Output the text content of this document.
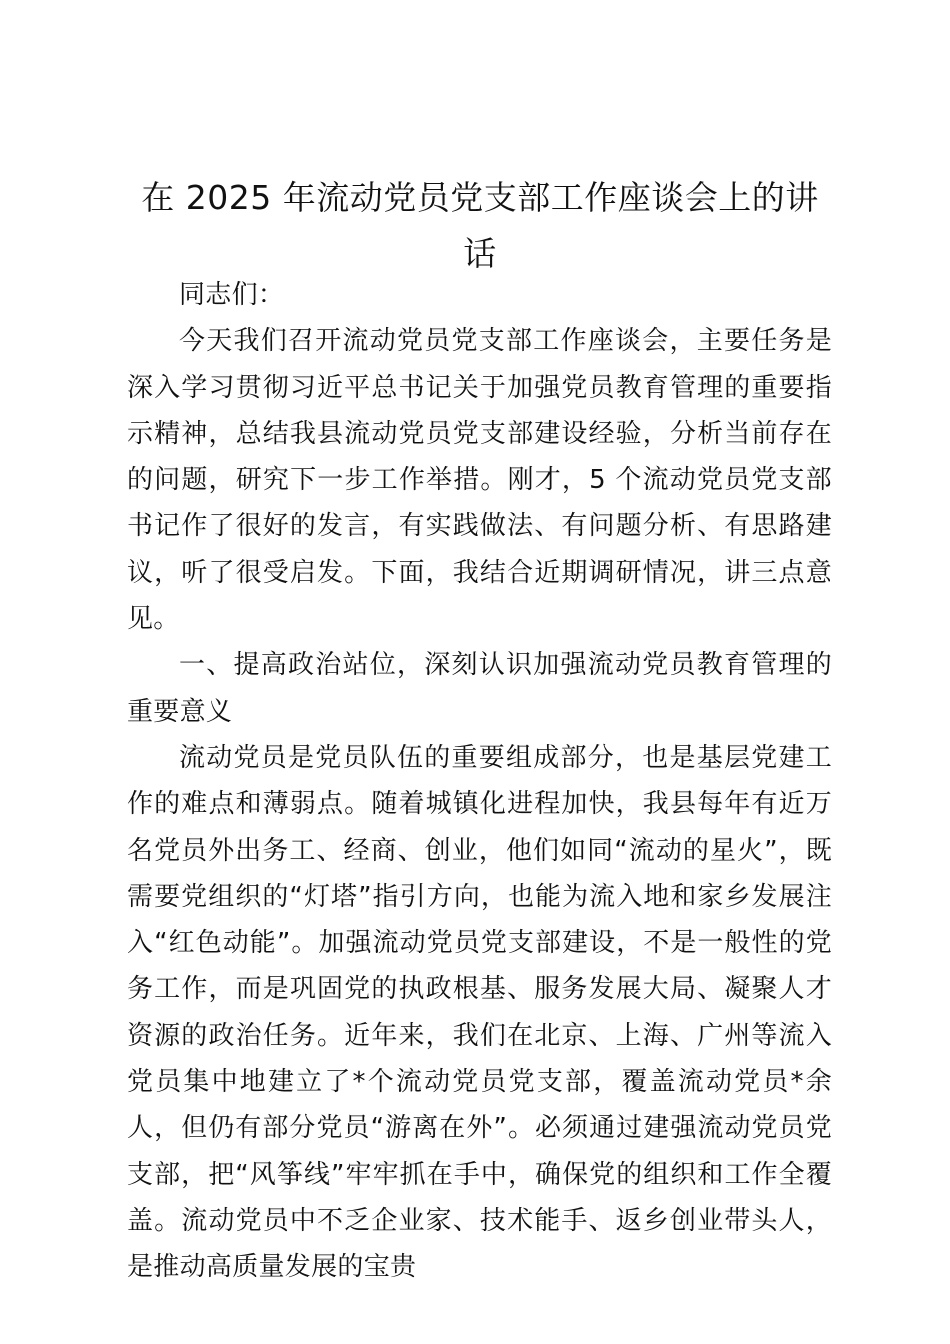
在 2025 年流动党员党支部工作座谈会上的讲话

同志们：

今天我们召开流动党员党支部工作座谈会，主要任务是深入学习贯彻习近平总书记关于加强党员教育管理的重要指示精神，总结我县流动党员党支部建设经验，分析当前存在的问题，研究下一步工作举措。刚才，5 个流动党员党支部书记作了很好的发言，有实践做法、有问题分析、有思路建议，听了很受启发。下面，我结合近期调研情况，讲三点意见。

一、提高政治站位，深刻认识加强流动党员教育管理的重要意义

流动党员是党员队伍的重要组成部分，也是基层党建工作的难点和薄弱点。随着城镇化进程加快，我县每年有近万名党员外出务工、经商、创业，他们如同“流动的星火”，既需要党组织的“灯塔”指引方向，也能为流入地和家乡发展注入“红色动能”。加强流动党员党支部建设，不是一般性的党务工作，而是巩固党的执政根基、服务发展大局、凝聚人才资源的政治任务。近年来，我们在北京、上海、广州等流入党员集中地建立了*个流动党员党支部，覆盖流动党员*余人，但仍有部分党员“游离在外”。必须通过建强流动党员党支部，把“风筝线”牢牢抓在手中，确保党的组织和工作全覆盖。流动党员中不乏企业家、技术能手、返乡创业带头人，是推动高质量发展的宝贵
